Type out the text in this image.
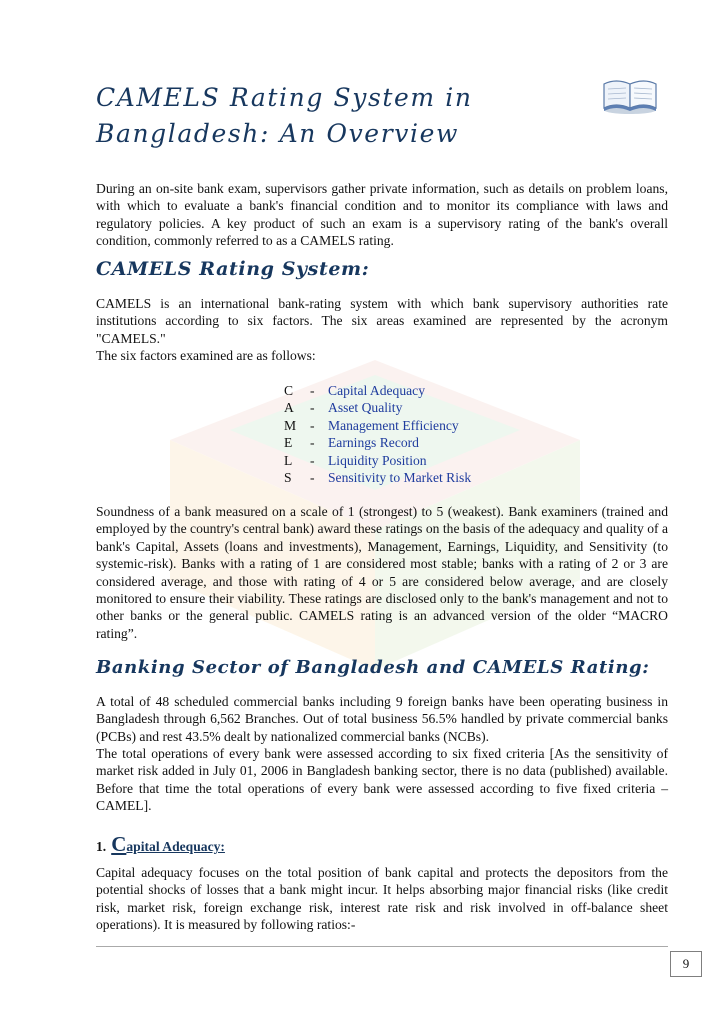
CAMELS Rating System in
Bangladesh: An Overview

During an on-site bank exam, supervisors gather private information, such as details on problem loans, with which to evaluate a bank's financial condition and to monitor its compliance with laws and regulatory policies. A key product of such an exam is a supervisory rating of the bank's overall condition, commonly referred to as a CAMELS rating.

CAMELS Rating System:

CAMELS is an international bank-rating system with which bank supervisory authorities rate institutions according to six factors. The six areas examined are represented by the acronym "CAMELS."

The six factors examined are as follows:

C - Capital Adequacy
A - Asset Quality
M - Management Efficiency
E - Earnings Record
L - Liquidity Position
S - Sensitivity to Market Risk

Soundness of a bank measured on a scale of 1 (strongest) to 5 (weakest). Bank examiners (trained and employed by the country's central bank) award these ratings on the basis of the adequacy and quality of a bank's Capital, Assets (loans and investments), Management, Earnings, Liquidity, and Sensitivity (to systemic-risk). Banks with a rating of 1 are considered most stable; banks with a rating of 2 or 3 are considered average, and those with rating of 4 or 5 are considered below average, and are closely monitored to ensure their viability. These ratings are disclosed only to the bank's management and not to other banks or the general public. CAMELS rating is an advanced version of the older “MACRO rating”.

Banking Sector of Bangladesh and CAMELS Rating:

A total of 48 scheduled commercial banks including 9 foreign banks have been operating business in Bangladesh through 6,562 Branches. Out of total business 56.5% handled by private commercial banks (PCBs) and rest 43.5% dealt by nationalized commercial banks (NCBs).

The total operations of every bank were assessed according to six fixed criteria [As the sensitivity of market risk added in July 01, 2006 in Bangladesh banking sector, there is no data (published) available. Before that time the total operations of every bank were assessed according to five fixed criteria – CAMEL].

1. Capital Adequacy:

Capital adequacy focuses on the total position of bank capital and protects the depositors from the potential shocks of losses that a bank might incur. It helps absorbing major financial risks (like credit risk, market risk, foreign exchange risk, interest rate risk and risk involved in off-balance sheet operations). It is measured by following ratios:-

9
